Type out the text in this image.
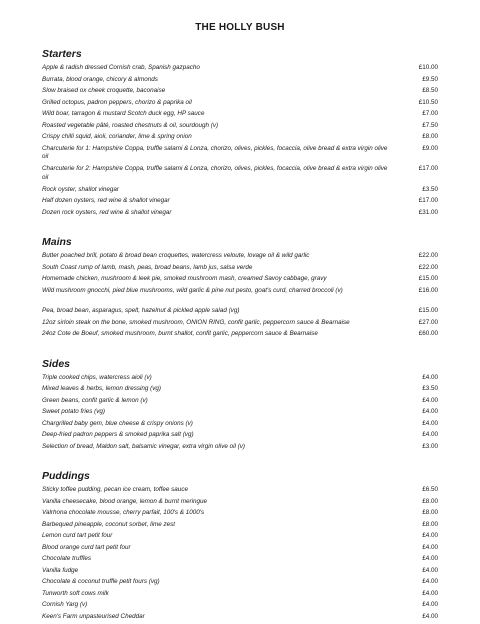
THE HOLLY BUSH
Starters
Apple & radish dressed Cornish crab, Spanish gazpacho	£10.00
Burrata, blood orange, chicory & almonds	£9.50
Slow braised ox cheek croquette, baconaise	£8.50
Grilled octopus, padron peppers, chorizo & paprika oil	£10.50
Wild boar, tarragon & mustard Scotch duck egg, HP sauce	£7.00
Roasted vegetable pâté, roasted chestnuts & oil, sourdough (v)	£7.50
Crispy chilli squid, aioli, coriander, lime & spring onion	£8.00
Charcuterie for 1: Hampshire Coppa, truffle salami & Lonza, chorizo, olives, pickles, focaccia, olive bread & extra virgin olive oil
£9.00
Charcuterie for 2: Hampshire Coppa, truffle salami & Lonza, chorizo, olives, pickles, focaccia, olive bread & extra virgin olive oil
£17.00
Rock oyster, shallot vinegar	£3.50
Half dozen oysters, red wine & shallot vinegar	£17.00
Dozen rock oysters, red wine & shallot vinegar	£31.00
Mains
Butter poached brill, potato & broad bean croquettes, watercress veloute, lovage oil & wild garlic	£22.00
South Coast rump of lamb, mash, peas, broad beans, lamb jus, salsa verde	£22.00
Homemade chicken, mushroom & leek pie, smoked mushroom mash, creamed Savoy cabbage, gravy	£15.00
Wild mushroom gnocchi, pied blue mushrooms, wild garlic & pine nut pesto, goat's curd, charred broccoli (v)	£16.00
Pea, broad bean, asparagus, spelt, hazelnut & pickled apple salad (vg)	£15.00
12oz sirloin steak on the bone, smoked mushroom, ONION RING, confit garlic, peppercorn sauce & Bearnaise	£27.00
24oz Cote de Boeuf, smoked mushroom, burnt shallot, confit garlic, peppercorn sauce & Bearnaise	£60.00
Sides
Triple cooked chips, watercress aioli (v)	£4.00
Mixed leaves & herbs, lemon dressing (vg)	£3.50
Green beans, confit garlic & lemon (v)	£4.00
Sweet potato fries (vg)	£4.00
Chargrilled baby gem, blue cheese & crispy onions (v)	£4.00
Deep-fried padron peppers & smoked paprika salt (vg)	£4.00
Selection of bread, Maldon salt, balsamic vinegar, extra virgin olive oil (v)	£3.00
Puddings
Sticky toffee pudding, pecan ice cream, toffee sauce	£6.50
Vanilla cheesecake, blood orange, lemon & burnt meringue	£8.00
Valrhona chocolate mousse, cherry parfait, 100's & 1000's	£8.00
Barbequed pineapple, coconut sorbet, lime zest	£8.00
Lemon curd tart petit four	£4.00
Blood orange curd tart petit four	£4.00
Chocolate truffles	£4.00
Vanilla fudge	£4.00
Chocolate & coconut truffle petit fours (vg)	£4.00
Tunworth soft cows milk	£4.00
Cornish Yarg (v)	£4.00
Keen's Farm unpasteurised Cheddar	£4.00
